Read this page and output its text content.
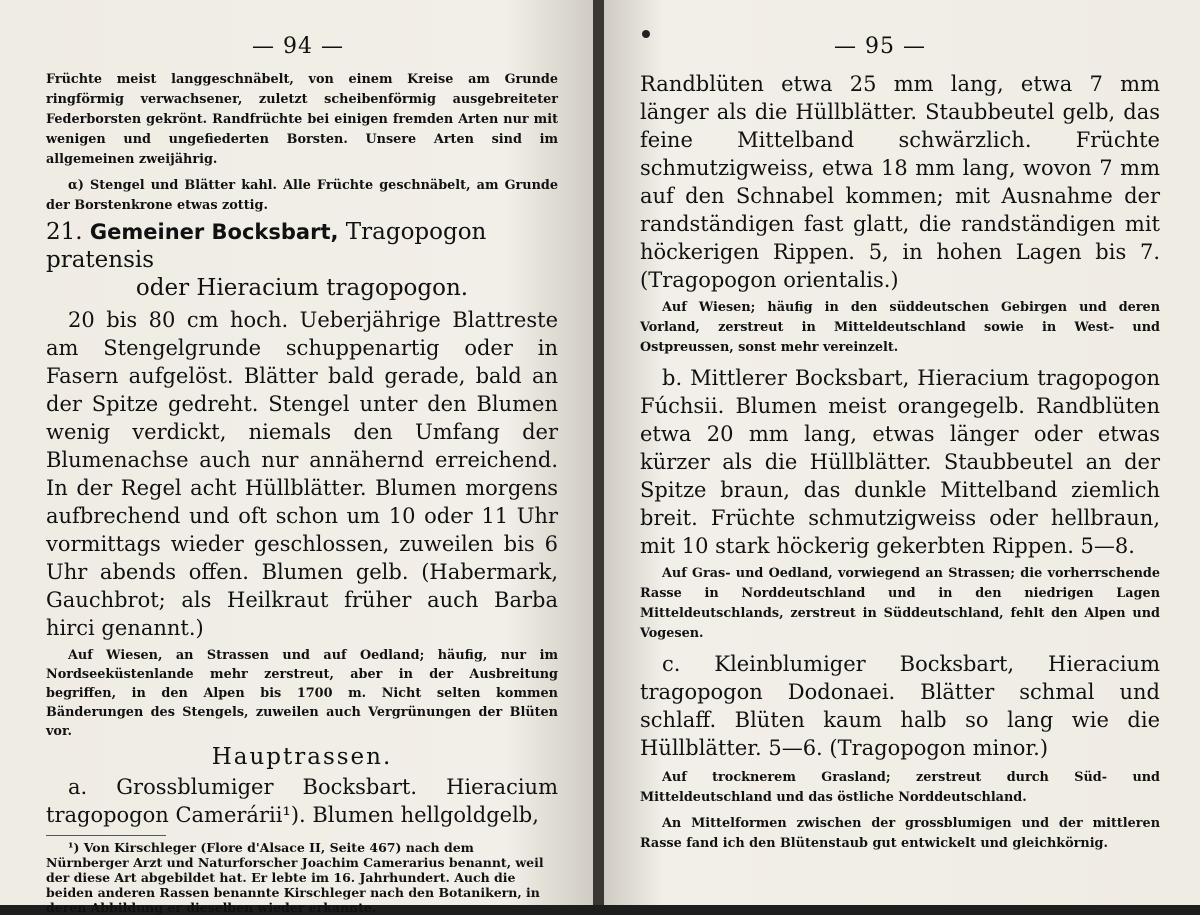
— 94 —

Früchte meist langgeschnäbelt, von einem Kreise am Grunde ringförmig verwachsener, zuletzt scheibenförmig ausgebreiteter Federborsten gekrönt. Randfrüchte bei einigen fremden Arten nur mit wenigen und ungefiederten Borsten. Unsere Arten sind im allgemeinen zweijährig.

α) Stengel und Blätter kahl. Alle Früchte geschnäbelt, am Grunde der Borstenkrone etwas zottig.

21. Gemeiner Bocksbart, Tragopogon pratensis
oder Hieracium tragopogon.

20 bis 80 cm hoch. Ueberjährige Blattreste am Stengelgrunde schuppenartig oder in Fasern aufgelöst. Blätter bald gerade, bald an der Spitze gedreht. Stengel unter den Blumen wenig verdickt, niemals den Umfang der Blumenachse auch nur annähernd erreichend. In der Regel acht Hüllblätter. Blumen morgens aufbrechend und oft schon um 10 oder 11 Uhr vormittags wieder geschlossen, zuweilen bis 6 Uhr abends offen. Blumen gelb. (Habermark, Gauchbrot; als Heilkraut früher auch Barba hirci genannt.)

Auf Wiesen, an Strassen und auf Oedland; häufig, nur im Nordseeküstenlande mehr zerstreut, aber in der Ausbreitung begriffen, in den Alpen bis 1700 m. Nicht selten kommen Bänderungen des Stengels, zuweilen auch Vergrünungen der Blüten vor.

Hauptrassen.

a. Grossblumiger Bocksbart. Hieracium tragopogon Camerárii¹). Blumen hellgoldgelb,

¹) Von Kirschleger (Flore d'Alsace II, Seite 467) nach dem Nürnberger Arzt und Naturforscher Joachim Camerarius benannt, weil der diese Art abgebildet hat. Er lebte im 16. Jahrhundert. Auch die beiden anderen Rassen benannte Kirschleger nach den Botanikern, in deren Abbildung er dieselben wieder erkannte.

— 95 —

Randblüten etwa 25 mm lang, etwa 7 mm länger als die Hüllblätter. Staubbeutel gelb, das feine Mittelband schwärzlich. Früchte schmutzigweiss, etwa 18 mm lang, wovon 7 mm auf den Schnabel kommen; mit Ausnahme der randständigen fast glatt, die randständigen mit höckerigen Rippen. 5, in hohen Lagen bis 7. (Tragopogon orientalis.)

Auf Wiesen; häufig in den süddeutschen Gebirgen und deren Vorland, zerstreut in Mitteldeutschland sowie in West- und Ostpreussen, sonst mehr vereinzelt.

b. Mittlerer Bocksbart, Hieracium tragopogon Fúchsii. Blumen meist orangegelb. Randblüten etwa 20 mm lang, etwas länger oder etwas kürzer als die Hüllblätter. Staubbeutel an der Spitze braun, das dunkle Mittelband ziemlich breit. Früchte schmutzigweiss oder hellbraun, mit 10 stark höckerig gekerbten Rippen. 5—8.

Auf Gras- und Oedland, vorwiegend an Strassen; die vorherrschende Rasse in Norddeutschland und in den niedrigen Lagen Mitteldeutschlands, zerstreut in Süddeutschland, fehlt den Alpen und Vogesen.

c. Kleinblumiger Bocksbart, Hieracium tragopogon Dodonaei. Blätter schmal und schlaff. Blüten kaum halb so lang wie die Hüllblätter. 5—6. (Tragopogon minor.)

Auf trocknerem Grasland; zerstreut durch Süd- und Mitteldeutschland und das östliche Norddeutschland.

An Mittelformen zwischen der grossblumigen und der mittleren Rasse fand ich den Blütenstaub gut entwickelt und gleichkörnig.
